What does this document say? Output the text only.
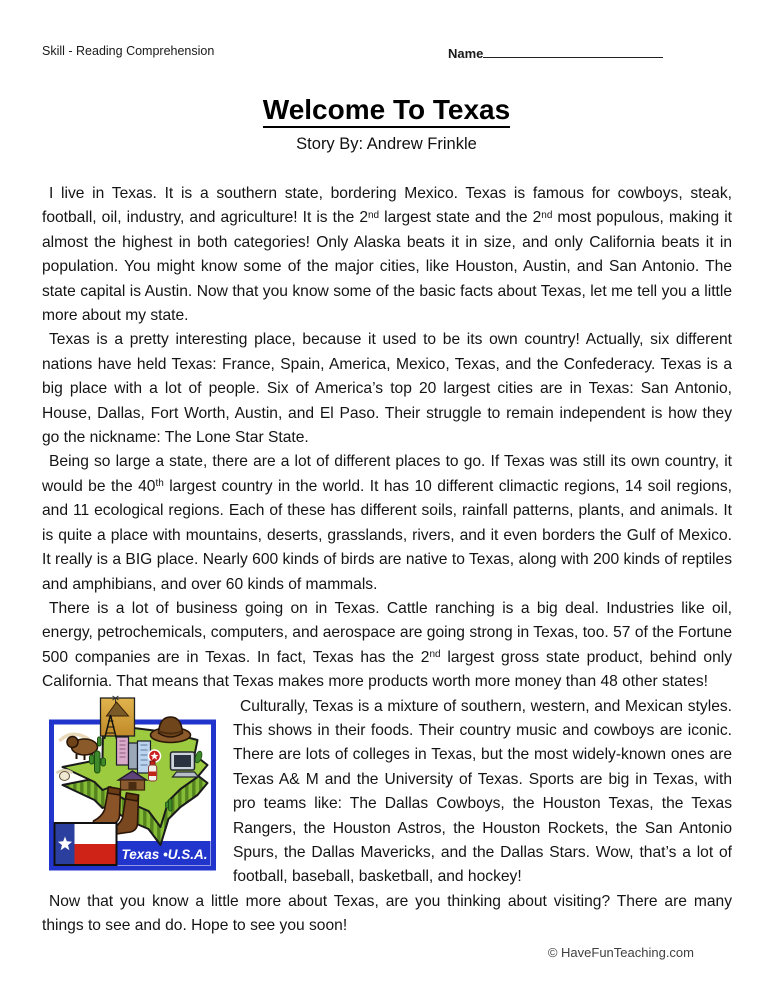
Skill - Reading Comprehension	Name
Welcome To Texas
Story By: Andrew Frinkle

I live in Texas. It is a southern state, bordering Mexico. Texas is famous for cowboys, steak, football, oil, industry, and agriculture! It is the 2nd largest state and the 2nd most populous, making it almost the highest in both categories! Only Alaska beats it in size, and only California beats it in population. You might know some of the major cities, like Houston, Austin, and San Antonio. The state capital is Austin. Now that you know some of the basic facts about Texas, let me tell you a little more about my state.

Texas is a pretty interesting place, because it used to be its own country! Actually, six different nations have held Texas: France, Spain, America, Mexico, Texas, and the Confederacy. Texas is a big place with a lot of people. Six of America’s top 20 largest cities are in Texas: San Antonio, House, Dallas, Fort Worth, Austin, and El Paso. Their struggle to remain independent is how they go the nickname: The Lone Star State.

Being so large a state, there are a lot of different places to go. If Texas was still its own country, it would be the 40th largest country in the world. It has 10 different climactic regions, 14 soil regions, and 11 ecological regions. Each of these has different soils, rainfall patterns, plants, and animals. It is quite a place with mountains, deserts, grasslands, rivers, and it even borders the Gulf of Mexico. It really is a BIG place. Nearly 600 kinds of birds are native to Texas, along with 200 kinds of reptiles and amphibians, and over 60 kinds of mammals.

There is a lot of business going on in Texas. Cattle ranching is a big deal. Industries like oil, energy, petrochemicals, computers, and aerospace are going strong in Texas, too. 57 of the Fortune 500 companies are in Texas. In fact, Texas has the 2nd largest gross state product, behind only California. That means that Texas makes more products worth more money than 48 other states!

Texas •U.S.A.

Culturally, Texas is a mixture of southern, western, and Mexican styles. This shows in their foods. Their country music and cowboys are iconic. There are lots of colleges in Texas, but the most widely-known ones are Texas A& M and the University of Texas. Sports are big in Texas, with pro teams like: The Dallas Cowboys, the Houston Texas, the Texas Rangers, the Houston Astros, the Houston Rockets, the San Antonio Spurs, the Dallas Mavericks, and the Dallas Stars. Wow, that’s a lot of football, baseball, basketball, and hockey!

Now that you know a little more about Texas, are you thinking about visiting? There are many things to see and do. Hope to see you soon!

© HaveFunTeaching.com
